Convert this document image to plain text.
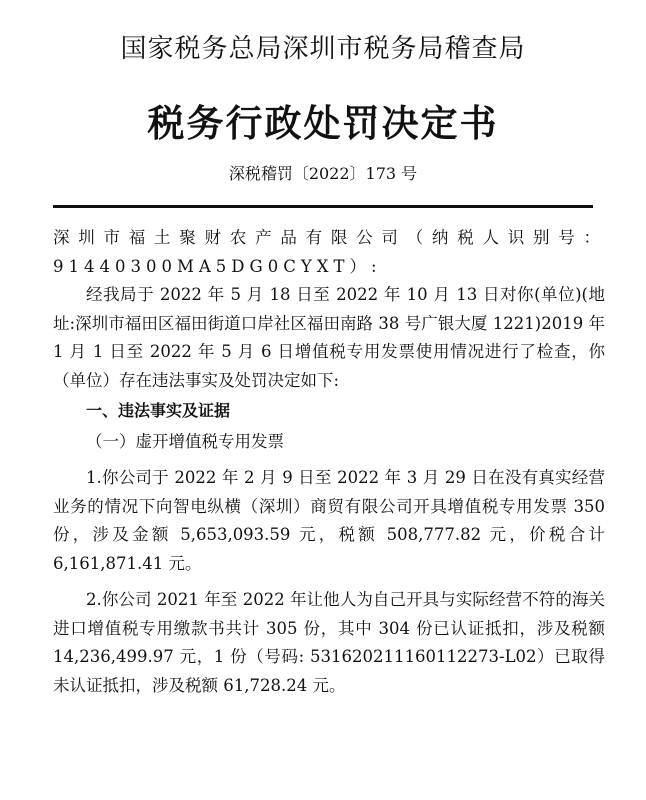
国家税务总局深圳市税务局稽查局
税务行政处罚决定书
深税稽罚〔2022〕173 号

深圳市福土聚财农产品有限公司（纳税人识别号：91440300MA5DG0CYXT）:

经我局于 2022 年 5 月 18 日至 2022 年 10 月 13 日对你(单位)(地址:深圳市福田区福田街道口岸社区福田南路 38 号广银大厦 1221)2019 年 1 月 1 日至 2022 年 5 月 6 日增值税专用发票使用情况进行了检查，你（单位）存在违法事实及处罚决定如下:

一、违法事实及证据

（一）虚开增值税专用发票

1.你公司于 2022 年 2 月 9 日至 2022 年 3 月 29 日在没有真实经营业务的情况下向智电纵横（深圳）商贸有限公司开具增值税专用发票 350 份，涉及金额 5,653,093.59 元，税额 508,777.82 元，价税合计 6,161,871.41 元。

2.你公司 2021 年至 2022 年让他人为自己开具与实际经营不符的海关进口增值税专用缴款书共计 305 份，其中 304 份已认证抵扣，涉及税额 14,236,499.97 元，1 份（号码: 531620211160112273-L02）已取得未认证抵扣，涉及税额 61,728.24 元。
